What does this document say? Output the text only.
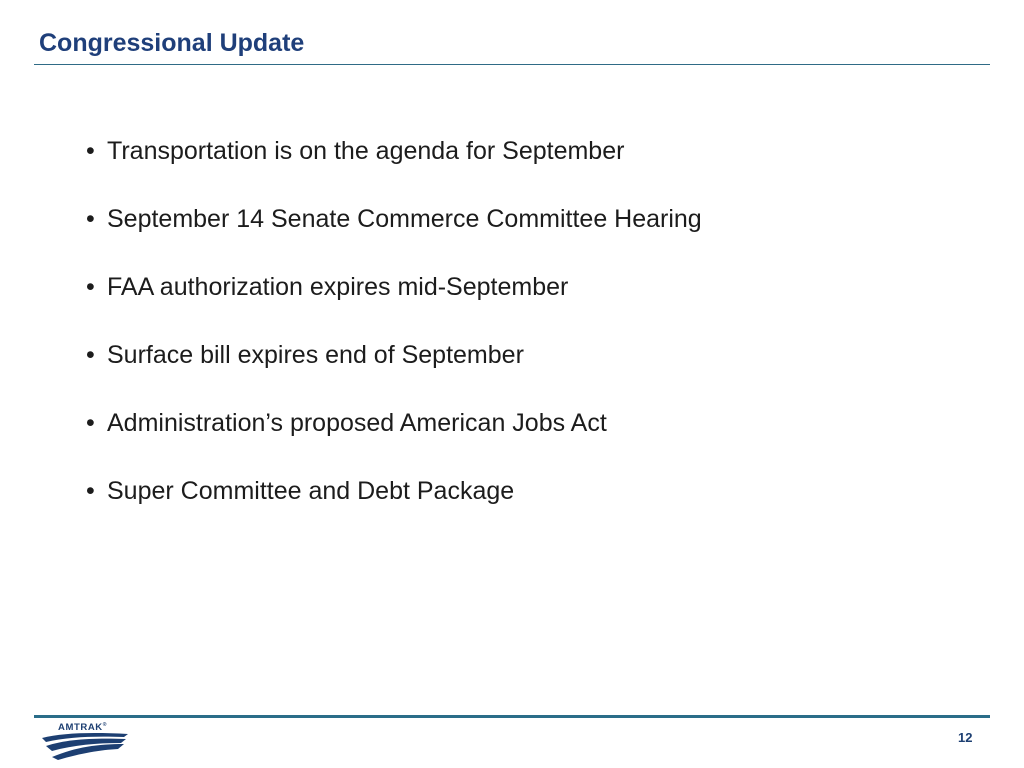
Congressional Update
• Transportation is on the agenda for September
• September 14 Senate Commerce Committee Hearing
• FAA authorization expires mid-September
• Surface bill expires end of September
• Administration’s proposed American Jobs Act
• Super Committee and Debt Package
AMTRAK®
12
